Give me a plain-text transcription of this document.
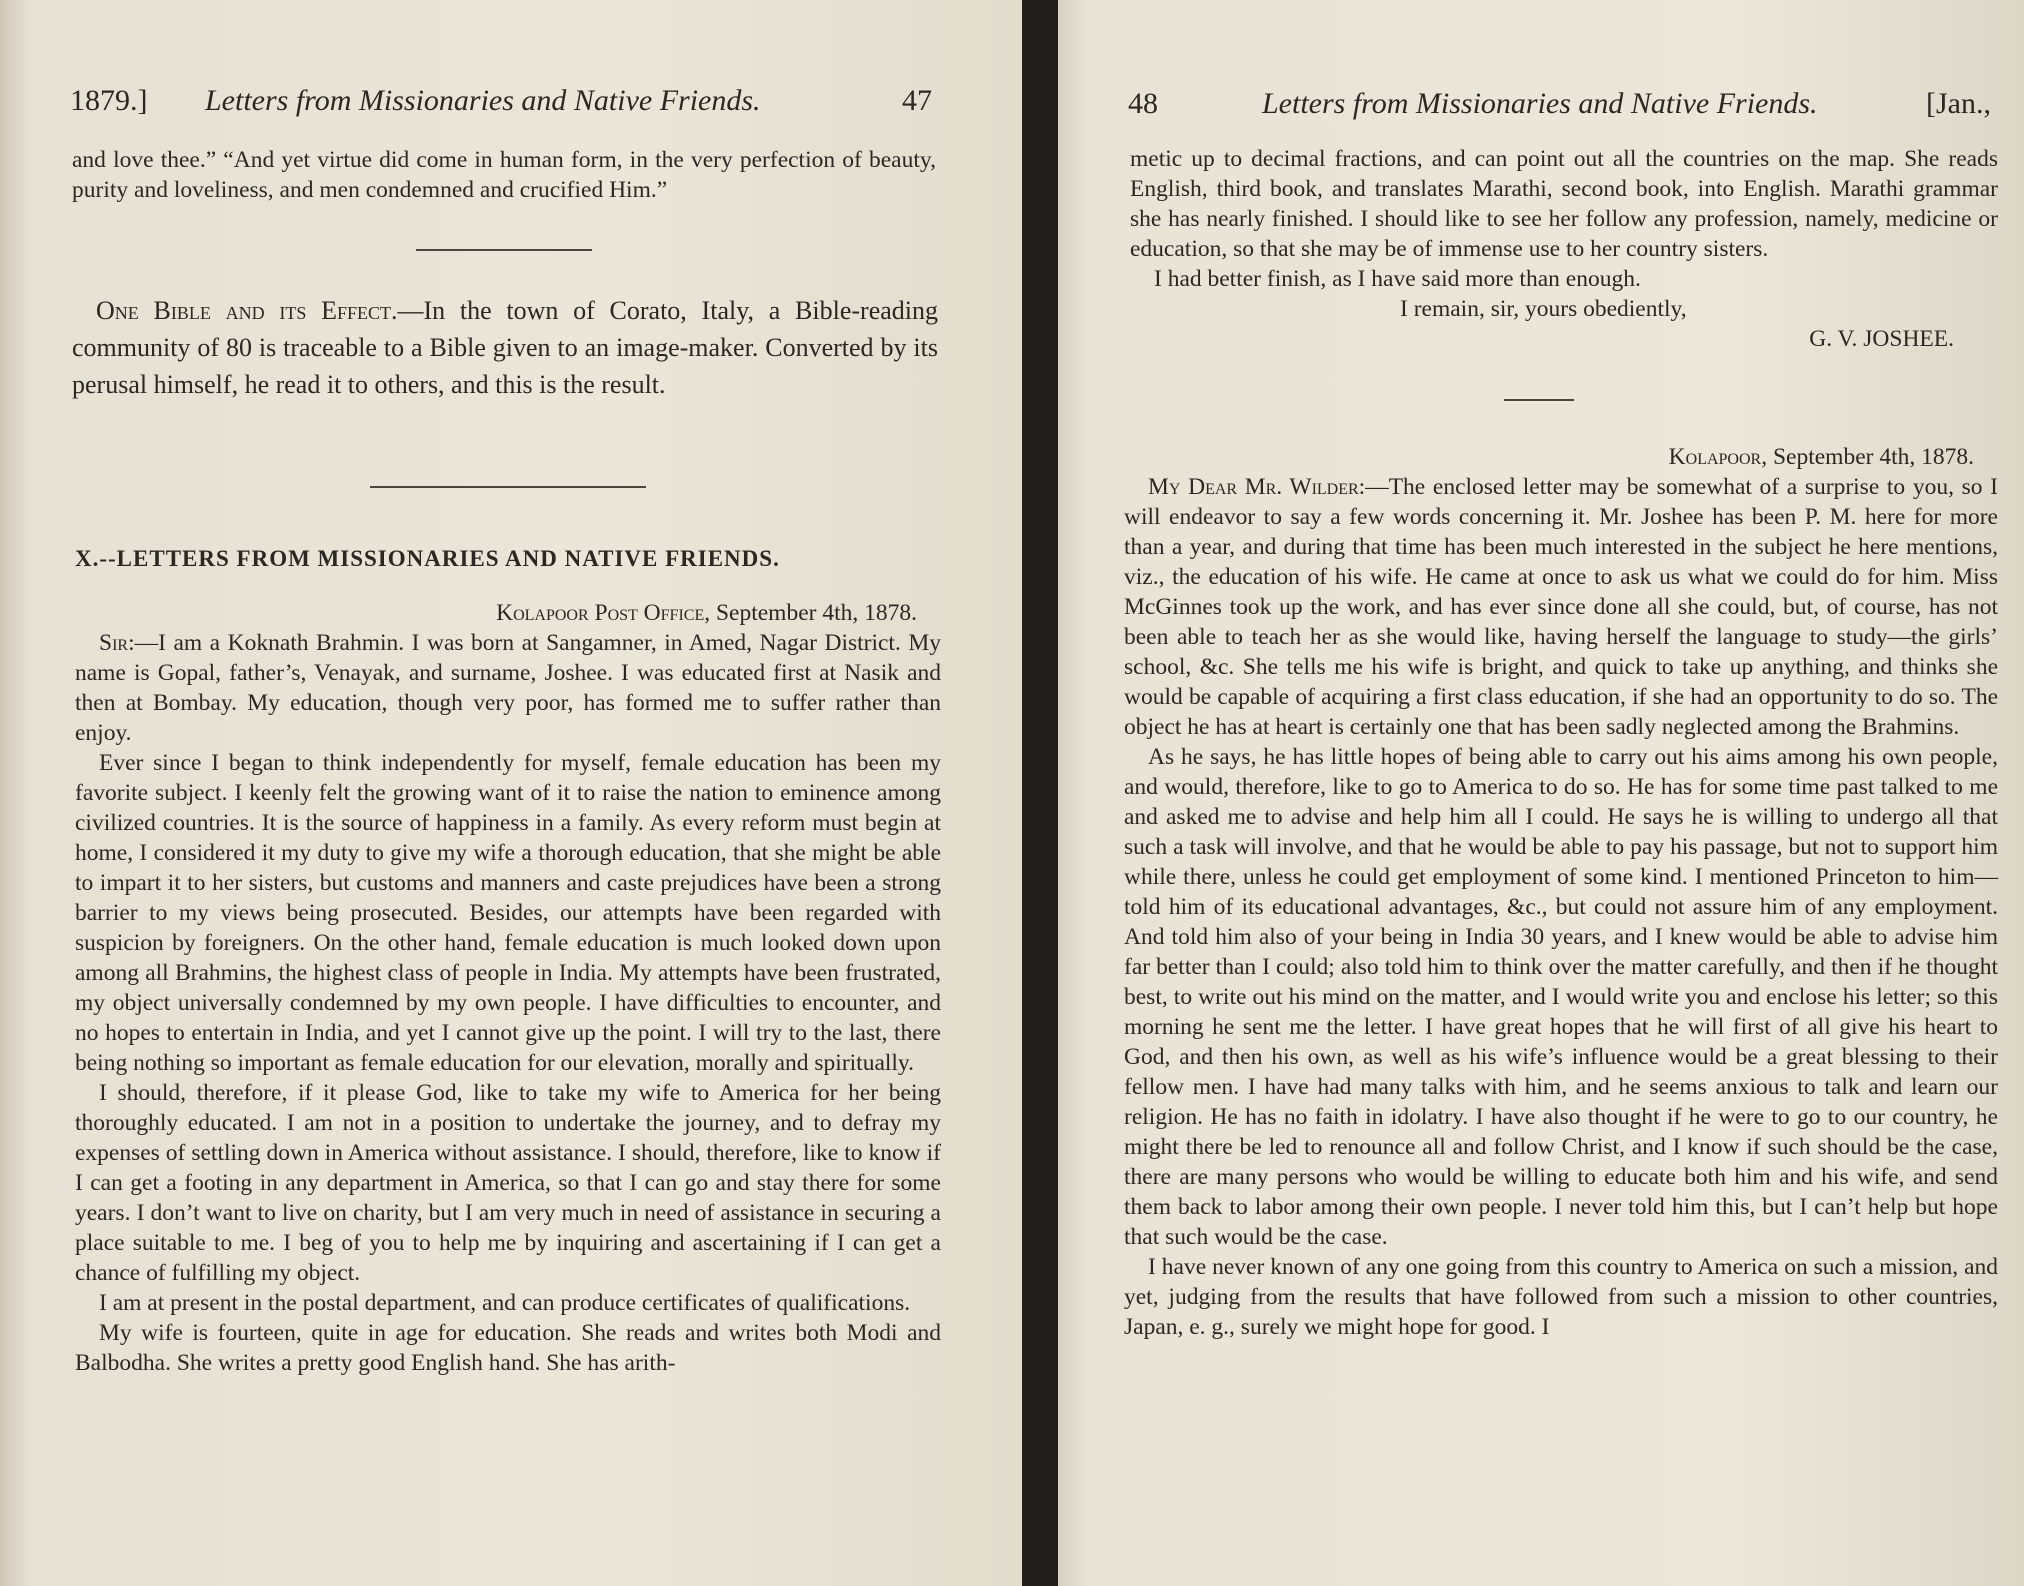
1879.] Letters from Missionaries and Native Friends.	47

and love thee.” “And yet virtue did come in human form, in the very perfection of beauty, purity and loveliness, and men condemned and crucified Him.”

One Bible and its Effect.—In the town of Corato, Italy, a Bible-reading community of 80 is traceable to a Bible given to an image-maker. Converted by its perusal himself, he read it to others, and this is the result.

X.--LETTERS FROM MISSIONARIES AND NATIVE FRIENDS.

Kolapoor Post Office, September 4th, 1878.

Sir:—I am a Koknath Brahmin. I was born at Sangamner, in Amed, Nagar District. My name is Gopal, father’s, Venayak, and surname, Joshee. I was educated first at Nasik and then at Bombay. My education, though very poor, has formed me to suffer rather than enjoy.

Ever since I began to think independently for myself, female education has been my favorite subject. I keenly felt the growing want of it to raise the nation to eminence among civilized countries. It is the source of happiness in a family. As every reform must begin at home, I considered it my duty to give my wife a thorough education, that she might be able to impart it to her sisters, but customs and manners and caste prejudices have been a strong barrier to my views being prosecuted. Besides, our attempts have been regarded with suspicion by foreigners. On the other hand, female education is much looked down upon among all Brahmins, the highest class of people in India. My attempts have been frustrated, my object universally condemned by my own people. I have difficulties to encounter, and no hopes to entertain in India, and yet I cannot give up the point. I will try to the last, there being nothing so important as female education for our elevation, morally and spiritually.

I should, therefore, if it please God, like to take my wife to America for her being thoroughly educated. I am not in a position to undertake the journey, and to defray my expenses of settling down in America without assistance. I should, therefore, like to know if I can get a footing in any department in America, so that I can go and stay there for some years. I don’t want to live on charity, but I am very much in need of assistance in securing a place suitable to me. I beg of you to help me by inquiring and ascertaining if I can get a chance of fulfilling my object.

I am at present in the postal department, and can produce certificates of qualifications.

My wife is fourteen, quite in age for education. She reads and writes both Modi and Balbodha. She writes a pretty good English hand. She has arith-

48	Letters from Missionaries and Native Friends.	[Jan.,

metic up to decimal fractions, and can point out all the countries on the map. She reads English, third book, and translates Marathi, second book, into English. Marathi grammar she has nearly finished. I should like to see her follow any profession, namely, medicine or education, so that she may be of immense use to her country sisters.

I had better finish, as I have said more than enough.

I remain, sir, yours obediently,

G. V. JOSHEE.

Kolapoor, September 4th, 1878.

My Dear Mr. Wilder:—The enclosed letter may be somewhat of a surprise to you, so I will endeavor to say a few words concerning it. Mr. Joshee has been P. M. here for more than a year, and during that time has been much interested in the subject he here mentions, viz., the education of his wife. He came at once to ask us what we could do for him. Miss McGinnes took up the work, and has ever since done all she could, but, of course, has not been able to teach her as she would like, having herself the language to study—the girls’ school, &c. She tells me his wife is bright, and quick to take up anything, and thinks she would be capable of acquiring a first class education, if she had an opportunity to do so. The object he has at heart is certainly one that has been sadly neglected among the Brahmins.

As he says, he has little hopes of being able to carry out his aims among his own people, and would, therefore, like to go to America to do so. He has for some time past talked to me and asked me to advise and help him all I could. He says he is willing to undergo all that such a task will involve, and that he would be able to pay his passage, but not to support him while there, unless he could get employment of some kind. I mentioned Princeton to him—told him of its educational advantages, &c., but could not assure him of any employment. And told him also of your being in India 30 years, and I knew would be able to advise him far better than I could; also told him to think over the matter carefully, and then if he thought best, to write out his mind on the matter, and I would write you and enclose his letter; so this morning he sent me the letter. I have great hopes that he will first of all give his heart to God, and then his own, as well as his wife’s influence would be a great blessing to their fellow men. I have had many talks with him, and he seems anxious to talk and learn our religion. He has no faith in idolatry. I have also thought if he were to go to our country, he might there be led to renounce all and follow Christ, and I know if such should be the case, there are many persons who would be willing to educate both him and his wife, and send them back to labor among their own people. I never told him this, but I can’t help but hope that such would be the case.

I have never known of any one going from this country to America on such a mission, and yet, judging from the results that have followed from such a mission to other countries, Japan, e. g., surely we might hope for good. I
